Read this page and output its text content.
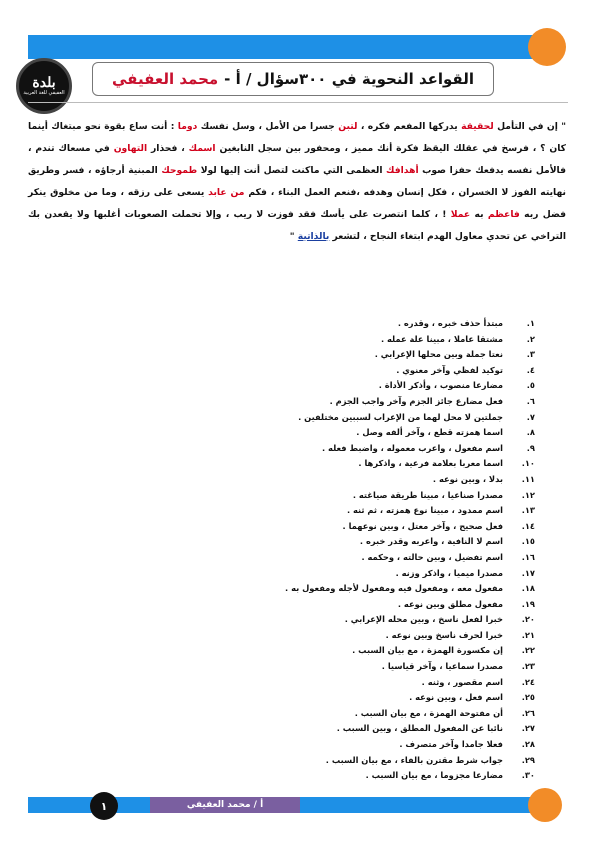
بلدة
العفيفي للغة العربية
القواعد النحوية في ٣٠٠سؤال / أ -
محمد العفيفي
" إن في التأمل لحقيقة يدركها المفعم فكره ، لتبن جسرا من الأمل ، وسل نفسك دوما : أنت ساع بقوة نحو مبتغاك أينما كان ؟ ، فرسخ في عقلك اليقظ فكرة أنك مميز ، ومحفور بين سجل النابغين اسمك ، فحذار التهاون في مسعاك تندم ، فالأمل نفسه يدفعك حفزا صوب أهدافك العظمى التي ماكنت لتصل أنت إليها لولا طموحك المبنية أرجاؤه ، فسر وطريق نهايته الفوز لا الخسران ، فكل إنسان وهدفه ،فنعم العمل البناء ، فكم من عابد يسعى على رزقه ، وما من مخلوق ينكر فضل ربه فاعظم به عملا ! ، كلما انتصرت على يأسك فقد فوزت لا ريب ، وإلا تحملت الصعوبات أغلبها ولا يقعدن بك التراخي عن تحدي معاول الهدم ابتغاء النجاح ، لتشعر بالذاتية "
١.
مبتدأ حذف خبره ، وقدره .
٢.
مشتقا عاملا ، مبينا علة عمله .
٣.
نعتا جملة وبين محلها الإعرابي .
٤.
توكيد لفظي وآخر معنوي .
٥.
مضارعا منصوب ، وأذكر الأداة .
٦.
فعل مضارع جائز الجزم وآخر واجب الجزم .
٧.
جملتين لا محل لهما من الإعراب لسببين مختلفين .
٨.
اسما همزته قطع ، وآخر ألفه وصل .
٩.
اسم مفعول ، واعرب معموله ، واضبط فعله .
١٠.
اسما معربا بعلامة فرعية ، واذكرها .
١١.
بدلا ، وبين نوعه .
١٢.
مصدرا صناعيا ، مبينا طريقة صياغته .
١٣.
اسم ممدود ، مبينا نوع همزته ، ثم ثنه .
١٤.
فعل صحيح ، وآخر معتل ، وبين نوعهما .
١٥.
اسم لا النافية ، واعربه وقدر خبره .
١٦.
اسم تفضيل ، وبين حالته ، وحكمه .
١٧.
مصدرا ميميا ، واذكر وزنه .
١٨.
مفعول معه ، ومفعول فيه ومفعول لأجله ومفعول به .
١٩.
مفعول مطلق وبين نوعه .
٢٠.
خبرا لفعل ناسخ ، وبين محله الإعرابي .
٢١.
خبرا لحرف ناسخ وبين نوعه .
٢٢.
إن مكسورة الهمزة ، مع بيان السبب .
٢٣.
مصدرا سماعيا ، وآخر قياسيا .
٢٤.
اسم مقصور ، وثنه .
٢٥.
اسم فعل ، وبين نوعه .
٢٦.
أن مفتوحة الهمزة ، مع بيان السبب .
٢٧.
نائبا عن المفعول المطلق ، وبين السبب .
٢٨.
فعلا جامدا وآخر متصرف .
٢٩.
جواب شرط مقترن بالفاء ، مع بيان السبب .
٣٠.
مضارعا مجزوما ، مع بيان السبب .
أ / محمد العفيفي
١
